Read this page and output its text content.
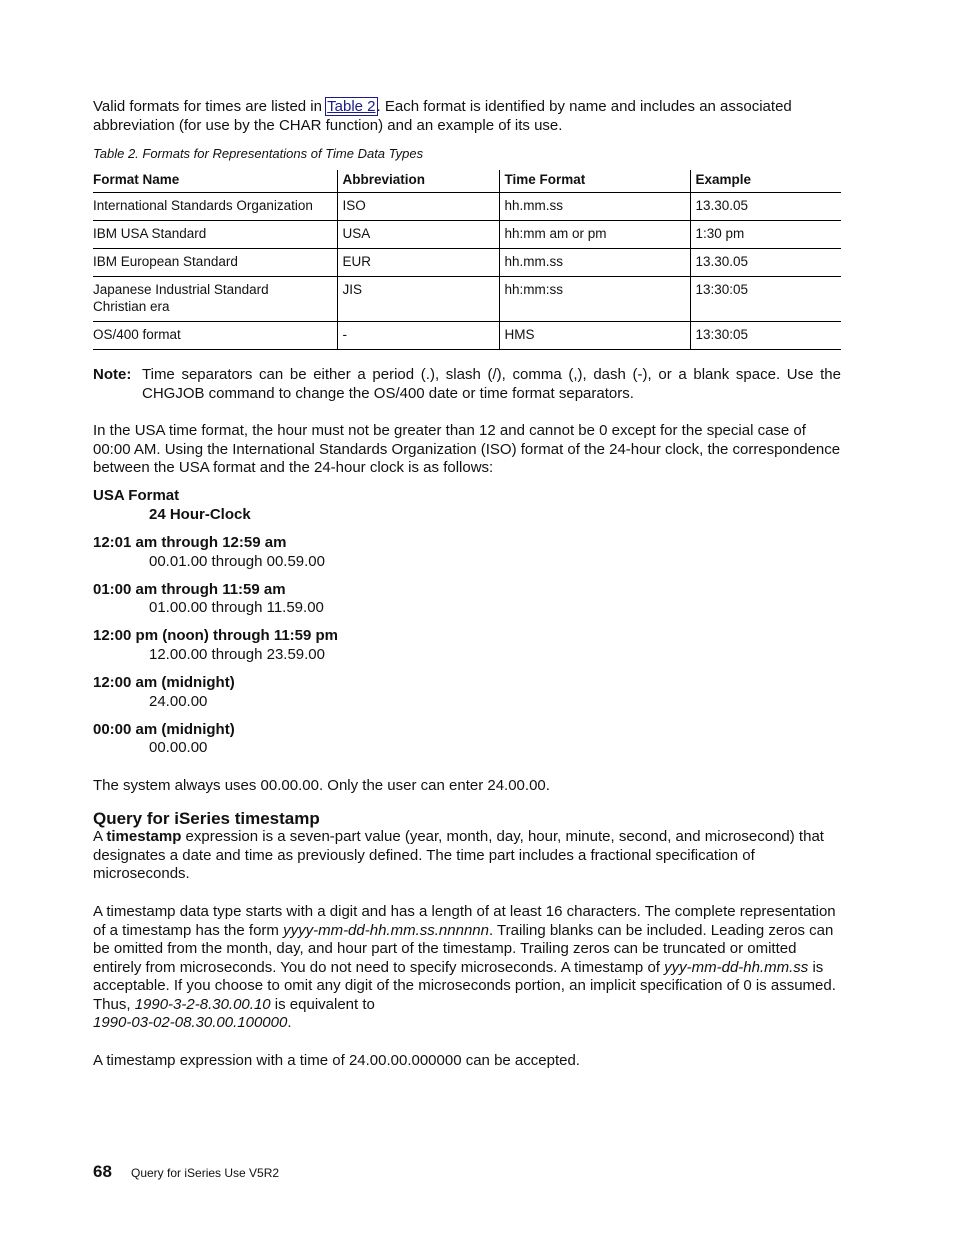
Valid formats for times are listed in Table 2. Each format is identified by name and includes an associated abbreviation (for use by the CHAR function) and an example of its use.
Table 2. Formats for Representations of Time Data Types
Format Name	Abbreviation	Time Format	Example
International Standards Organization	ISO	hh.mm.ss	13.30.05
IBM USA Standard	USA	hh:mm am or pm	1:30 pm
IBM European Standard	EUR	hh.mm.ss	13.30.05
Japanese Industrial Standard Christian era	JIS	hh:mm:ss	13:30:05
OS/400 format	-	HMS	13:30:05
Note: Time separators can be either a period (.), slash (/), comma (,), dash (-), or a blank space. Use the CHGJOB command to change the OS/400 date or time format separators.
In the USA time format, the hour must not be greater than 12 and cannot be 0 except for the special case of 00:00 AM. Using the International Standards Organization (ISO) format of the 24-hour clock, the correspondence between the USA format and the 24-hour clock is as follows:
USA Format
24 Hour-Clock
12:01 am through 12:59 am
00.01.00 through 00.59.00
01:00 am through 11:59 am
01.00.00 through 11.59.00
12:00 pm (noon) through 11:59 pm
12.00.00 through 23.59.00
12:00 am (midnight)
24.00.00
00:00 am (midnight)
00.00.00
The system always uses 00.00.00. Only the user can enter 24.00.00.
Query for iSeries timestamp
A timestamp expression is a seven-part value (year, month, day, hour, minute, second, and microsecond) that designates a date and time as previously defined. The time part includes a fractional specification of microseconds.
A timestamp data type starts with a digit and has a length of at least 16 characters. The complete representation of a timestamp has the form yyyy-mm-dd-hh.mm.ss.nnnnnn. Trailing blanks can be included. Leading zeros can be omitted from the month, day, and hour part of the timestamp. Trailing zeros can be truncated or omitted entirely from microseconds. You do not need to specify microseconds. A timestamp of yyy-mm-dd-hh.mm.ss is acceptable. If you choose to omit any digit of the microseconds portion, an implicit specification of 0 is assumed. Thus, 1990-3-2-8.30.00.10 is equivalent to
1990-03-02-08.30.00.100000.
A timestamp expression with a time of 24.00.00.000000 can be accepted.
68 Query for iSeries Use V5R2
